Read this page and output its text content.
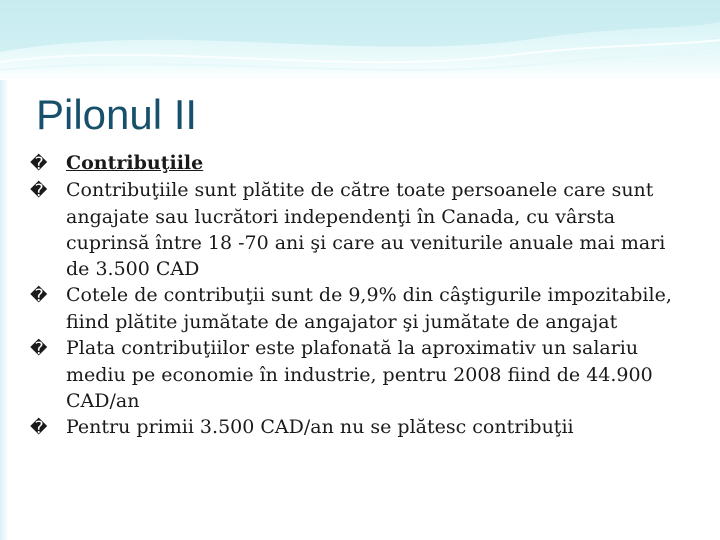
Pilonul II

� Contribuţiile

� Contribuţiile sunt plătite de către toate persoanele care sunt angajate sau lucrători independenţi în Canada, cu vârsta cuprinsă între 18 -70 ani şi care au veniturile anuale mai mari de 3.500 CAD

� Cotele de contribuţii sunt de 9,9% din câştigurile impozitabile, fiind plătite jumătate de angajator şi jumătate de angajat

� Plata contribuţiilor este plafonată la aproximativ un salariu mediu pe economie în industrie, pentru 2008 fiind de 44.900 CAD/an

� Pentru primii 3.500 CAD/an nu se plătesc contribuţii
